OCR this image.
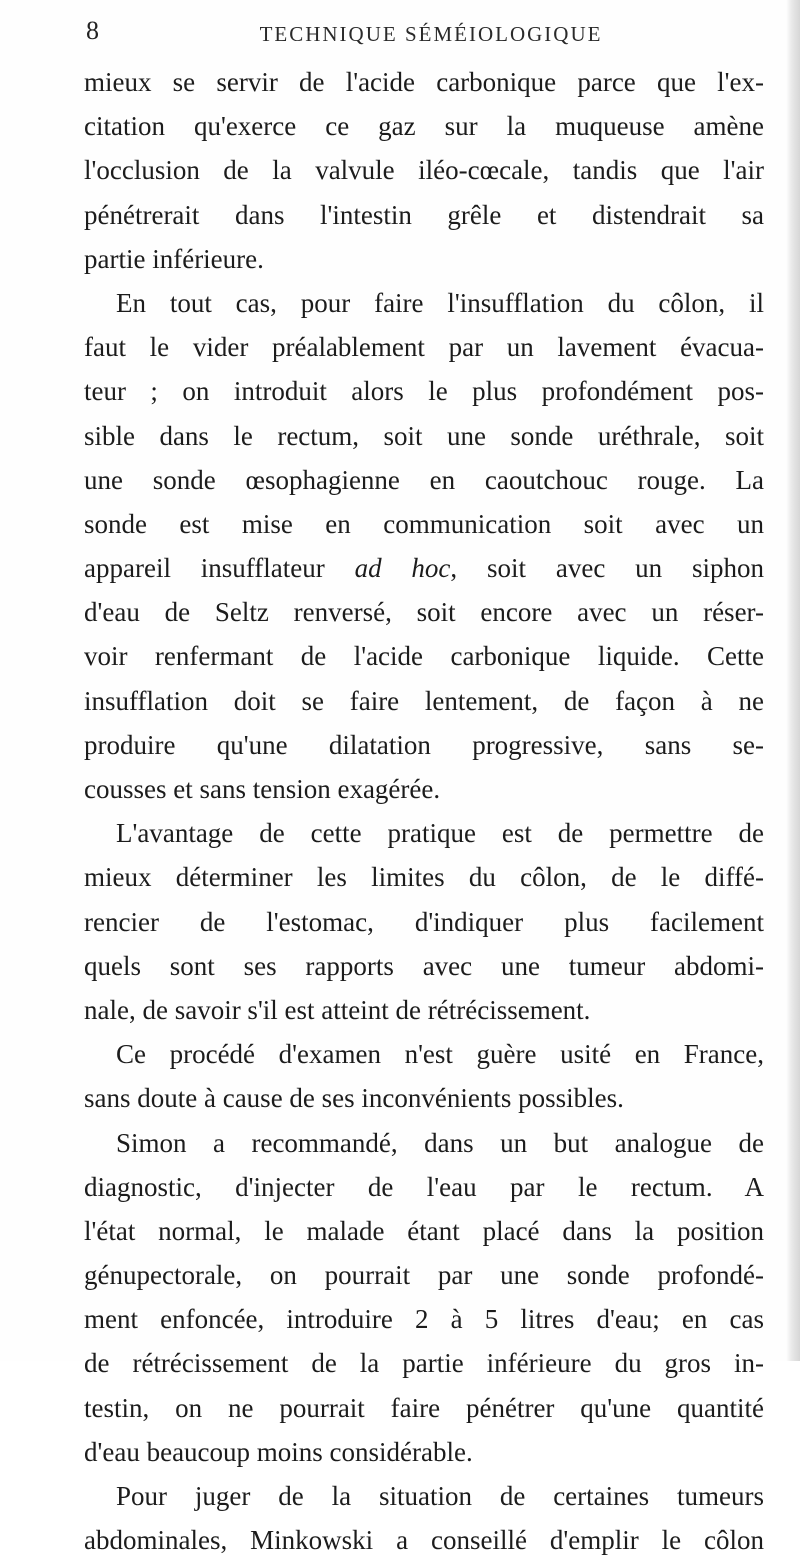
8	TECHNIQUE SÉMÉIOLOGIQUE
mieux se servir de l'acide carbonique parce que l'ex-
citation qu'exerce ce gaz sur la muqueuse amène
l'occlusion de la valvule iléo-cœcale, tandis que l'air
pénétrerait dans l'intestin grêle et distendrait sa
partie inférieure.
En tout cas, pour faire l'insufflation du côlon, il
faut le vider préalablement par un lavement évacua-
teur ; on introduit alors le plus profondément pos-
sible dans le rectum, soit une sonde uréthrale, soit
une sonde œsophagienne en caoutchouc rouge. La
sonde est mise en communication soit avec un
appareil insufflateur ad hoc, soit avec un siphon
d'eau de Seltz renversé, soit encore avec un réser-
voir renfermant de l'acide carbonique liquide. Cette
insufflation doit se faire lentement, de façon à ne
produire qu'une dilatation progressive, sans se-
cousses et sans tension exagérée.
L'avantage de cette pratique est de permettre de
mieux déterminer les limites du côlon, de le diffé-
rencier de l'estomac, d'indiquer plus facilement
quels sont ses rapports avec une tumeur abdomi-
nale, de savoir s'il est atteint de rétrécissement.
Ce procédé d'examen n'est guère usité en France,
sans doute à cause de ses inconvénients possibles.
Simon a recommandé, dans un but analogue de
diagnostic, d'injecter de l'eau par le rectum. A
l'état normal, le malade étant placé dans la position
génupectorale, on pourrait par une sonde profondé-
ment enfoncée, introduire 2 à 5 litres d'eau; en cas
de rétrécissement de la partie inférieure du gros in-
testin, on ne pourrait faire pénétrer qu'une quantité
d'eau beaucoup moins considérable.
Pour juger de la situation de certaines tumeurs
abdominales, Minkowski a conseillé d'emplir le côlon
